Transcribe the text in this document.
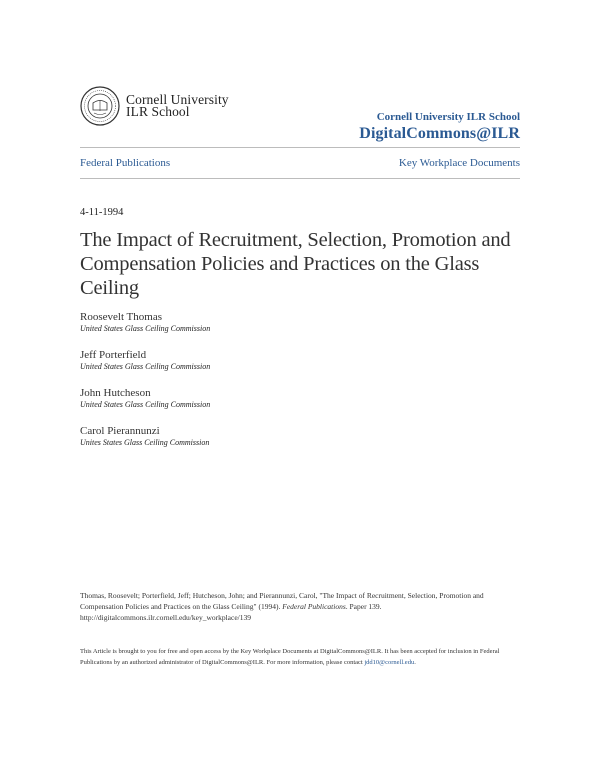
Cornell University
ILR School	Cornell University ILR School
DigitalCommons@ILR
Federal Publications	Key Workplace Documents
4-11-1994
The Impact of Recruitment, Selection, Promotion and Compensation Policies and Practices on the Glass Ceiling
Roosevelt Thomas
United States Glass Ceiling Commission
Jeff Porterfield
United States Glass Ceiling Commission
John Hutcheson
United States Glass Ceiling Commission
Carol Pierannunzi
Unites States Glass Ceiling Commission
Thomas, Roosevelt; Porterfield, Jeff; Hutcheson, John; and Pierannunzi, Carol, "The Impact of Recruitment, Selection, Promotion and Compensation Policies and Practices on the Glass Ceiling" (1994). Federal Publications. Paper 139.
http://digitalcommons.ilr.cornell.edu/key_workplace/139
This Article is brought to you for free and open access by the Key Workplace Documents at DigitalCommons@ILR. It has been accepted for inclusion in Federal Publications by an authorized administrator of DigitalCommons@ILR. For more information, please contact jdd10@cornell.edu.
